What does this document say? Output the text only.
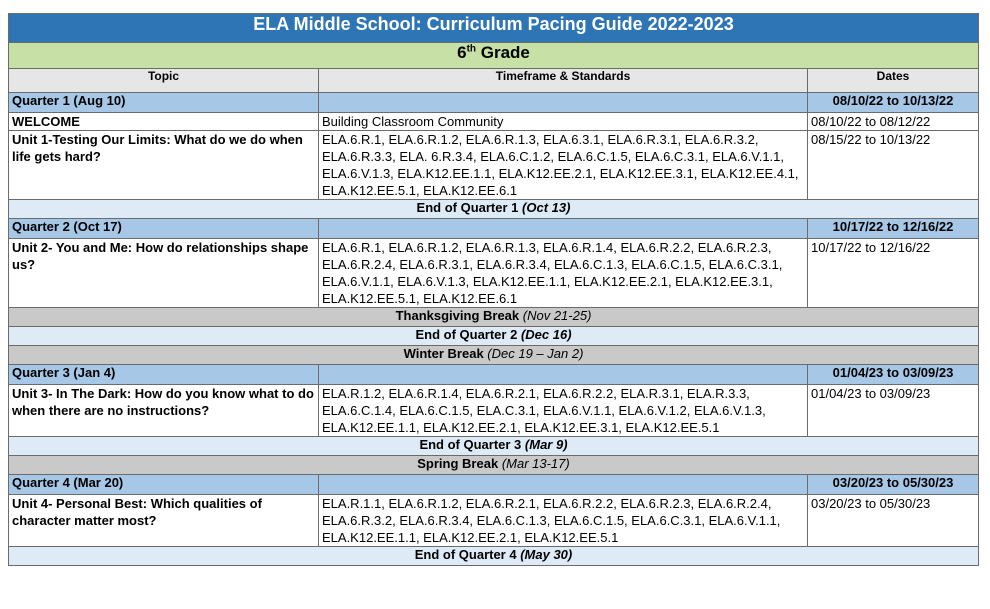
ELA Middle School: Curriculum Pacing Guide 2022-2023		
6th Grade		
Topic	Timeframe & Standards	Dates
Quarter 1 (Aug 10)		08/10/22 to 10/13/22
WELCOME	Building Classroom Community	08/10/22 to 08/12/22
Unit 1-Testing Our Limits: What do we do when life gets hard?	ELA.6.R.1, ELA.6.R.1.2, ELA.6.R.1.3, ELA.6.3.1, ELA.6.R.3.1, ELA.6.R.3.2, ELA.6.R.3.3, ELA. 6.R.3.4, ELA.6.C.1.2, ELA.6.C.1.5, ELA.6.C.3.1, ELA.6.V.1.1, ELA.6.V.1.3, ELA.K12.EE.1.1, ELA.K12.EE.2.1, ELA.K12.EE.3.1, ELA.K12.EE.4.1, ELA.K12.EE.5.1, ELA.K12.EE.6.1	08/15/22 to 10/13/22
End of Quarter 1 (Oct 13)		
Quarter 2 (Oct 17)		10/17/22 to 12/16/22
Unit 2- You and Me: How do relationships shape us?	ELA.6.R.1, ELA.6.R.1.2, ELA.6.R.1.3, ELA.6.R.1.4, ELA.6.R.2.2, ELA.6.R.2.3, ELA.6.R.2.4, ELA.6.R.3.1, ELA.6.R.3.4, ELA.6.C.1.3, ELA.6.C.1.5, ELA.6.C.3.1, ELA.6.V.1.1, ELA.6.V.1.3, ELA.K12.EE.1.1, ELA.K12.EE.2.1, ELA.K12.EE.3.1, ELA.K12.EE.5.1, ELA.K12.EE.6.1	10/17/22 to 12/16/22
Thanksgiving Break (Nov 21-25)		
End of Quarter 2 (Dec 16)		
Winter Break (Dec 19 – Jan 2)		
Quarter 3 (Jan 4)		01/04/23 to 03/09/23
Unit 3- In The Dark: How do you know what to do when there are no instructions?	ELA.R.1.2, ELA.6.R.1.4, ELA.6.R.2.1, ELA.6.R.2.2, ELA.R.3.1, ELA.R.3.3, ELA.6.C.1.4, ELA.6.C.1.5, ELA.C.3.1, ELA.6.V.1.1, ELA.6.V.1.2, ELA.6.V.1.3, ELA.K12.EE.1.1, ELA.K12.EE.2.1, ELA.K12.EE.3.1, ELA.K12.EE.5.1	01/04/23 to 03/09/23
End of Quarter 3 (Mar 9)		
Spring Break (Mar 13-17)		
Quarter 4 (Mar 20)		03/20/23 to 05/30/23
Unit 4- Personal Best: Which qualities of character matter most?	ELA.R.1.1, ELA.6.R.1.2, ELA.6.R.2.1, ELA.6.R.2.2, ELA.6.R.2.3, ELA.6.R.2.4, ELA.6.R.3.2, ELA.6.R.3.4, ELA.6.C.1.3, ELA.6.C.1.5, ELA.6.C.3.1, ELA.6.V.1.1, ELA.K12.EE.1.1, ELA.K12.EE.2.1, ELA.K12.EE.5.1	03/20/23 to 05/30/23
End of Quarter 4 (May 30)		
